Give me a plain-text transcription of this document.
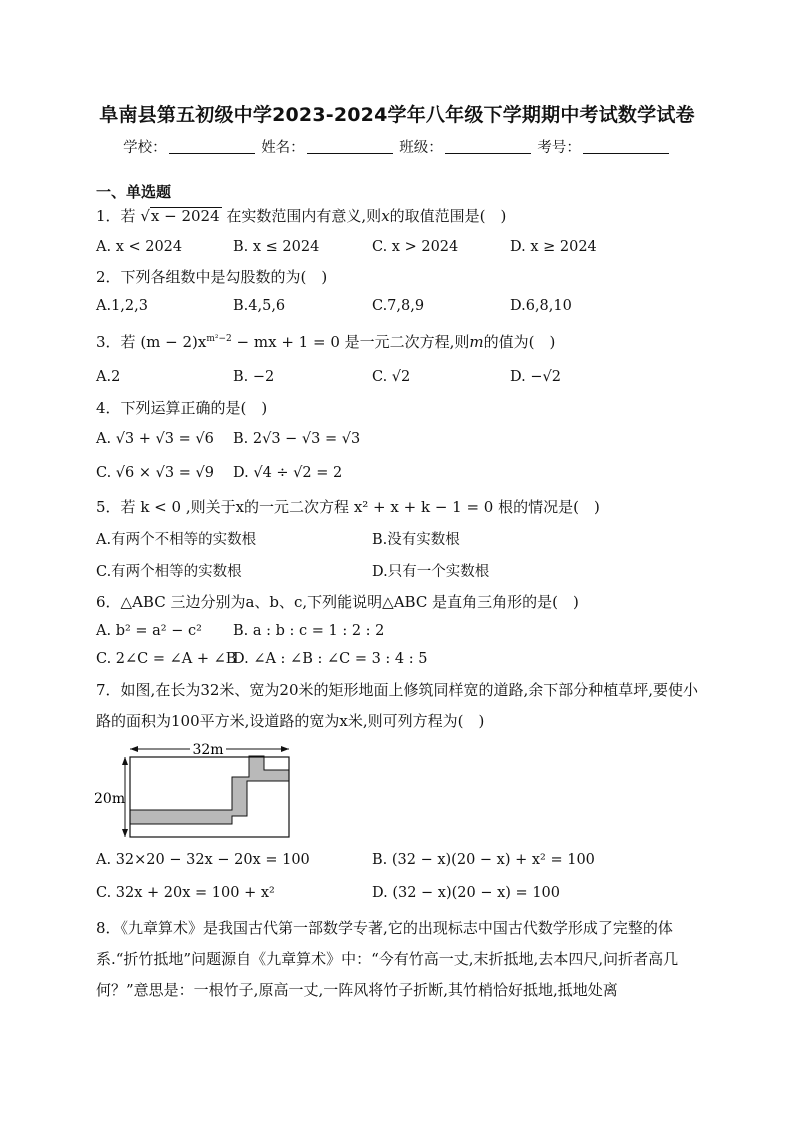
阜南县第五初级中学2023-2024学年八年级下学期期中考试数学试卷
学校：	姓名：	班级：	考号：
一、单选题
1．若 √x − 2024 在实数范围内有意义,则x的取值范围是(　)
A. x < 2024	B. x ≤ 2024	C. x > 2024	D. x ≥ 2024
2．下列各组数中是勾股数的为(　)
A.1,2,3	B.4,5,6	C.7,8,9	D.6,8,10
3．若 $(m - 2)x^{m^2-2}$ − mx + 1 = 0 是一元二次方程,则m的值为(　)
A.2	B. −2	C. √2	D. −√2
4．下列运算正确的是(　)
A. √3 + √3 = √6 B. 2√3 − √3 = √3
C. √6 × √3 = √9 D. √4 ÷ √2 = 2
5．若 k < 0 ,则关于x的一元二次方程 x² + x + k − 1 = 0 根的情况是(　)
A.有两个不相等的实数根	B.没有实数根
C.有两个相等的实数根	D.只有一个实数根
6．△ABC 三边分别为a、b、c,下列能说明△ABC 是直角三角形的是(　)
A. b² = a² − c² B. a : b : c = 1 : 2 : 2
C. 2∠C = ∠A + ∠B
D. ∠A : ∠B : ∠C = 3 : 4 : 5
7．如图,在长为32米、宽为20米的矩形地面上修筑同样宽的道路,余下部分种植草坪,要使小路的面积为100平方米,设道路的宽为x米,则可列方程为(　)
32m
20m
A. 32×20 − 32x − 20x = 100	B. (32 − x)(20 − x) + x² = 100
C. 32x + 20x = 100 + x²	D. (32 − x)(20 − x) = 100
8．《九章算术》是我国古代第一部数学专著,它的出现标志中国古代数学形成了完整的体系.“折竹抵地”问题源自《九章算术》中：“今有竹高一丈,末折抵地,去本四尺,问折者高几何？”意思是：一根竹子,原高一丈,一阵风将竹子折断,其竹梢恰好抵地,抵地处离
